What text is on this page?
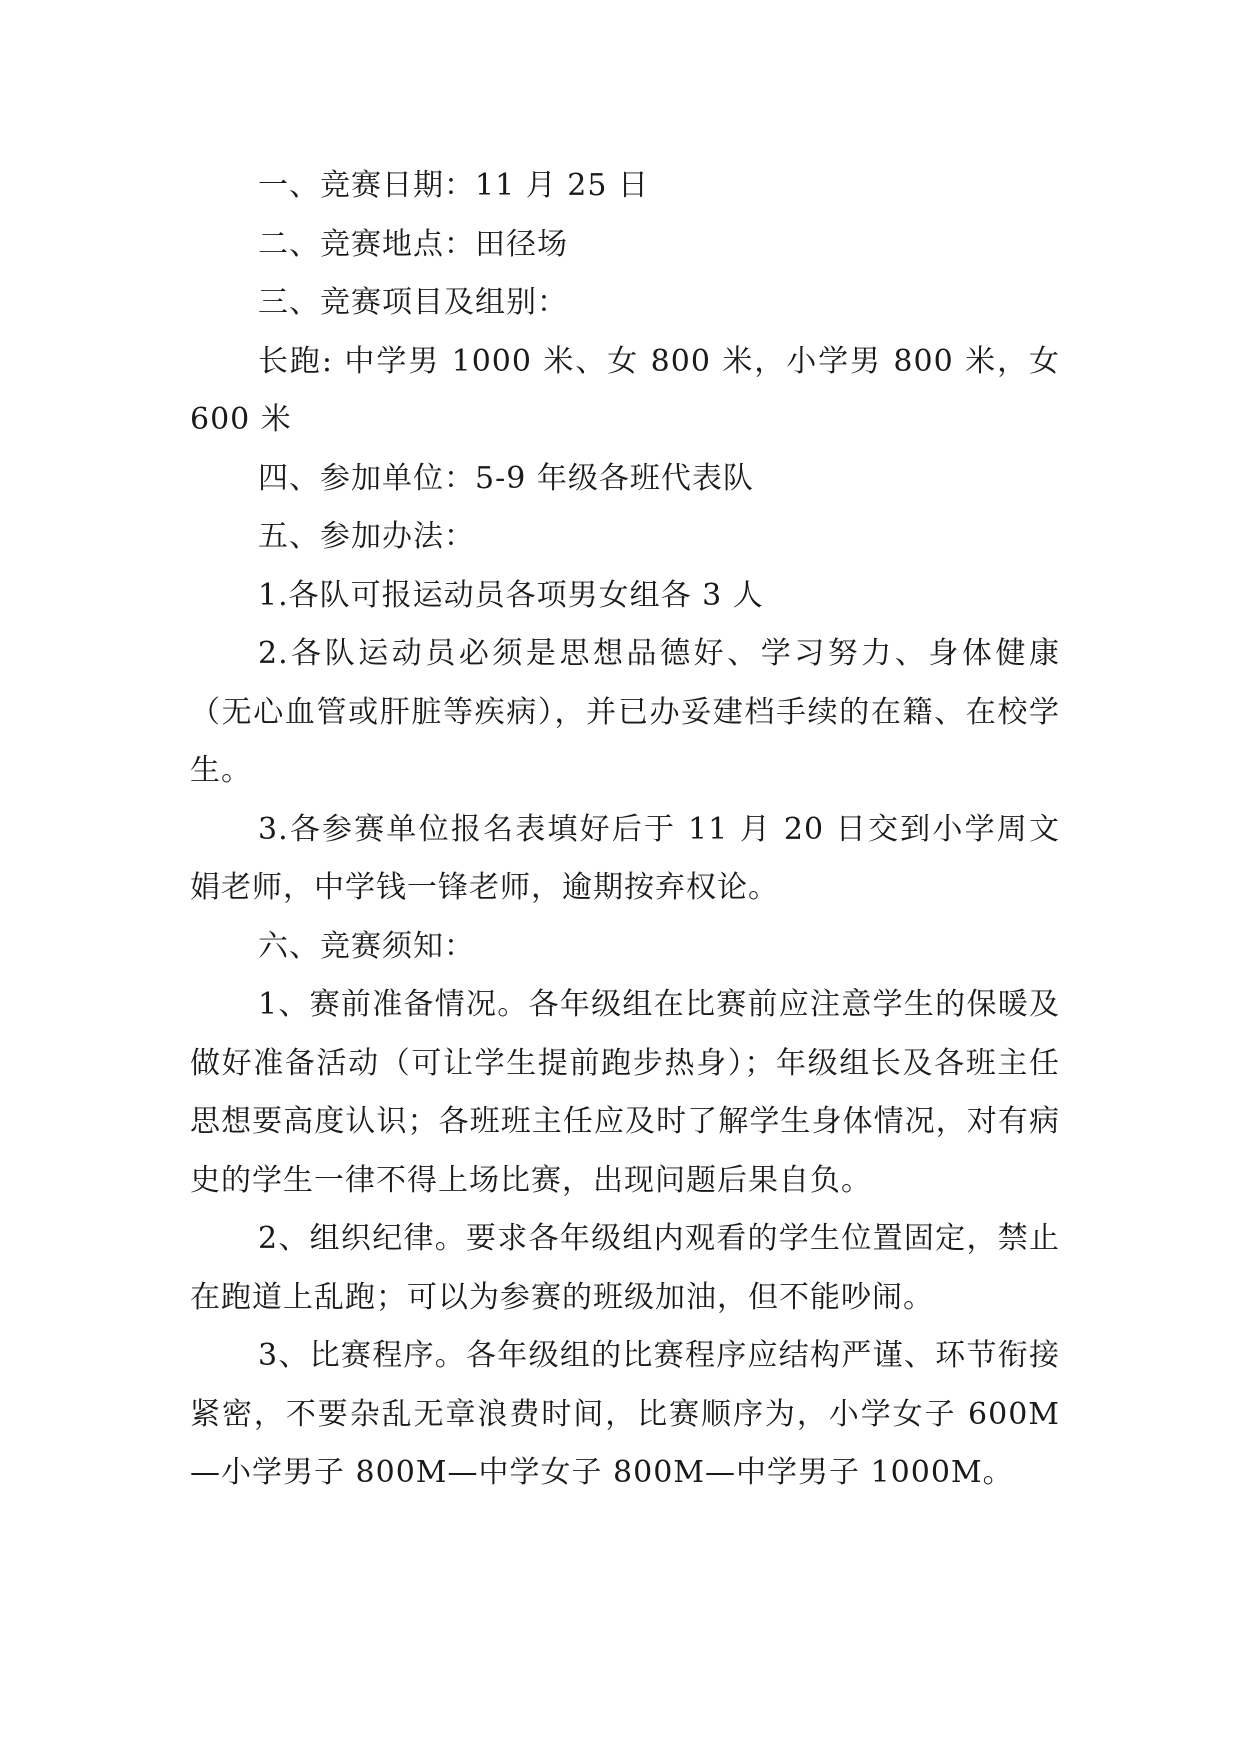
一、竞赛日期：11 月 25 日

二、竞赛地点：田径场

三、竞赛项目及组别：

长跑: 中学男 1000 米、女 800 米，小学男 800 米，女 600 米

四、参加单位：5-9 年级各班代表队

五、参加办法：

1.各队可报运动员各项男女组各 3 人

2.各队运动员必须是思想品德好、学习努力、身体健康（无心血管或肝脏等疾病），并已办妥建档手续的在籍、在校学生。

3.各参赛单位报名表填好后于 11 月 20 日交到小学周文娟老师，中学钱一锋老师，逾期按弃权论。

六、竞赛须知：

1、赛前准备情况。各年级组在比赛前应注意学生的保暖及做好准备活动（可让学生提前跑步热身）；年级组长及各班主任思想要高度认识；各班班主任应及时了解学生身体情况，对有病史的学生一律不得上场比赛，出现问题后果自负。

2、组织纪律。要求各年级组内观看的学生位置固定，禁止在跑道上乱跑；可以为参赛的班级加油，但不能吵闹。

3、比赛程序。各年级组的比赛程序应结构严谨、环节衔接紧密，不要杂乱无章浪费时间，比赛顺序为，小学女子 600M—小学男子 800M—中学女子 800M—中学男子 1000M。
